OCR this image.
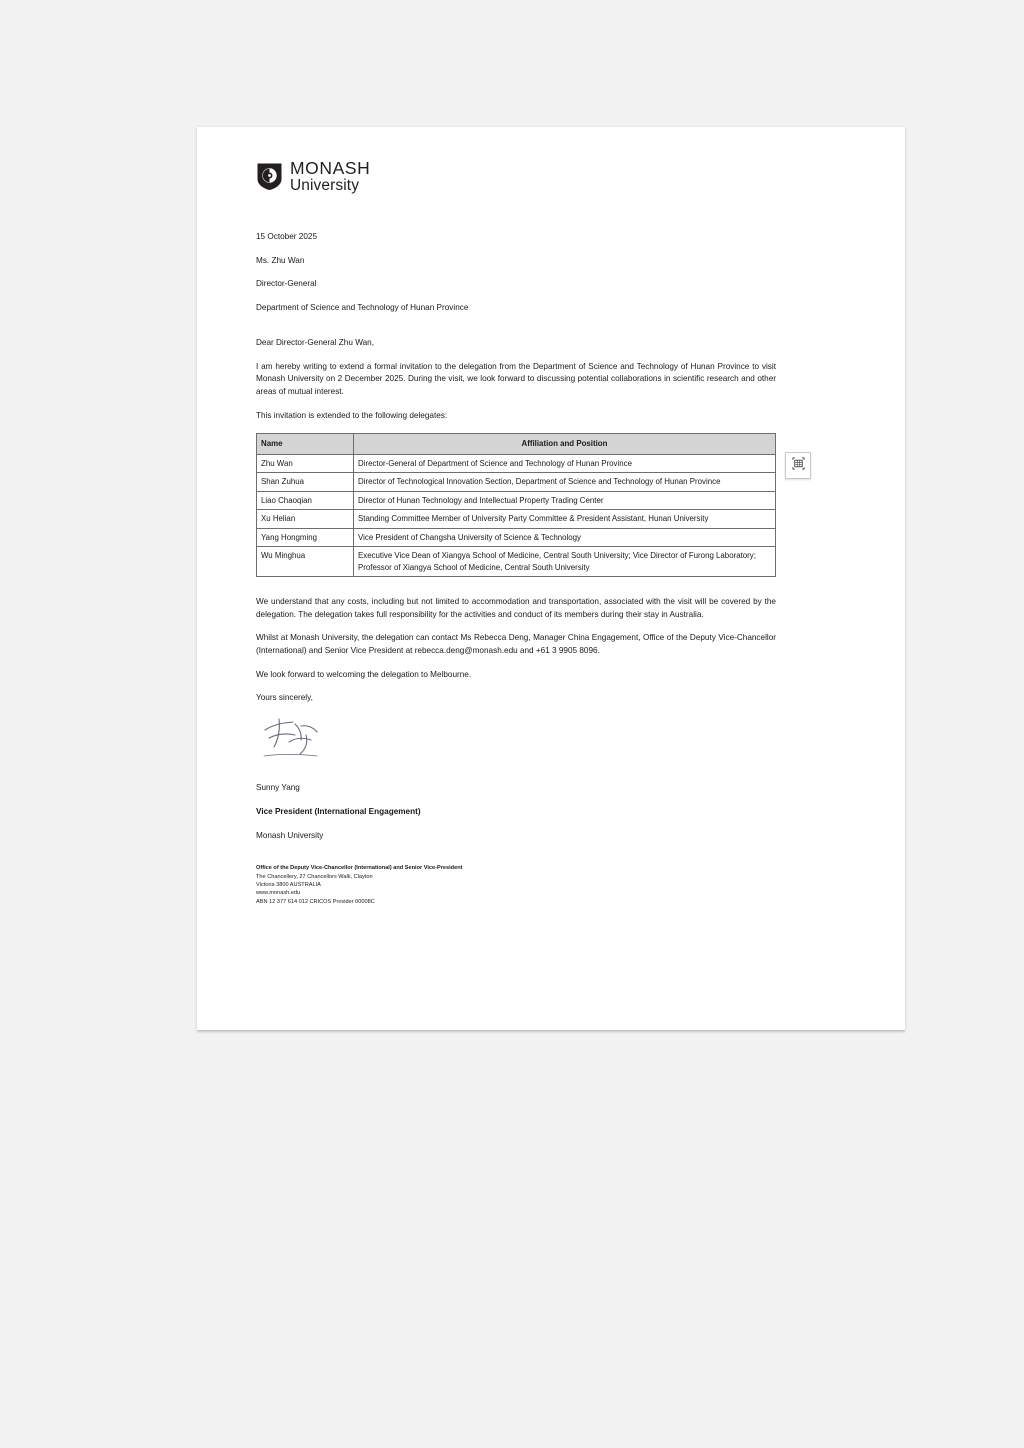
MONASH
University

15 October 2025

Ms. Zhu Wan

Director-General

Department of Science and Technology of Hunan Province

Dear Director-General Zhu Wan,

I am hereby writing to extend a formal invitation to the delegation from the Department of Science and Technology of Hunan Province to visit Monash University on 2 December 2025. During the visit, we look forward to discussing potential collaborations in scientific research and other areas of mutual interest.

This invitation is extended to the following delegates:

Name	Affiliation and Position
Zhu Wan	Director-General of Department of Science and Technology of Hunan Province
Shan Zuhua	Director of Technological Innovation Section, Department of Science and Technology of Hunan Province
Liao Chaoqian	Director of Hunan Technology and Intellectual Property Trading Center
Xu Helian	Standing Committee Member of University Party Committee & President Assistant, Hunan University
Yang Hongming	Vice President of Changsha University of Science & Technology
Wu Minghua	Executive Vice Dean of Xiangya School of Medicine, Central South University; Vice Director of Furong Laboratory; Professor of Xiangya School of Medicine, Central South University

We understand that any costs, including but not limited to accommodation and transportation, associated with the visit will be covered by the delegation. The delegation takes full responsibility for the activities and conduct of its members during their stay in Australia.

Whilst at Monash University, the delegation can contact Ms Rebecca Deng, Manager China Engagement, Office of the Deputy Vice-Chancellor (International) and Senior Vice President at rebecca.deng@monash.edu and +61 3 9905 8096.

We look forward to welcoming the delegation to Melbourne.

Yours sincerely,

Sunny Yang

Vice President (International Engagement)

Monash University

Office of the Deputy Vice-Chancellor (International) and Senior Vice-President
The Chancellery, 27 Chancellors Walk, Clayton
Victoria 3800 AUSTRALIA
www.monash.edu
ABN 12 377 614 012 CRICOS Provider 00008C
